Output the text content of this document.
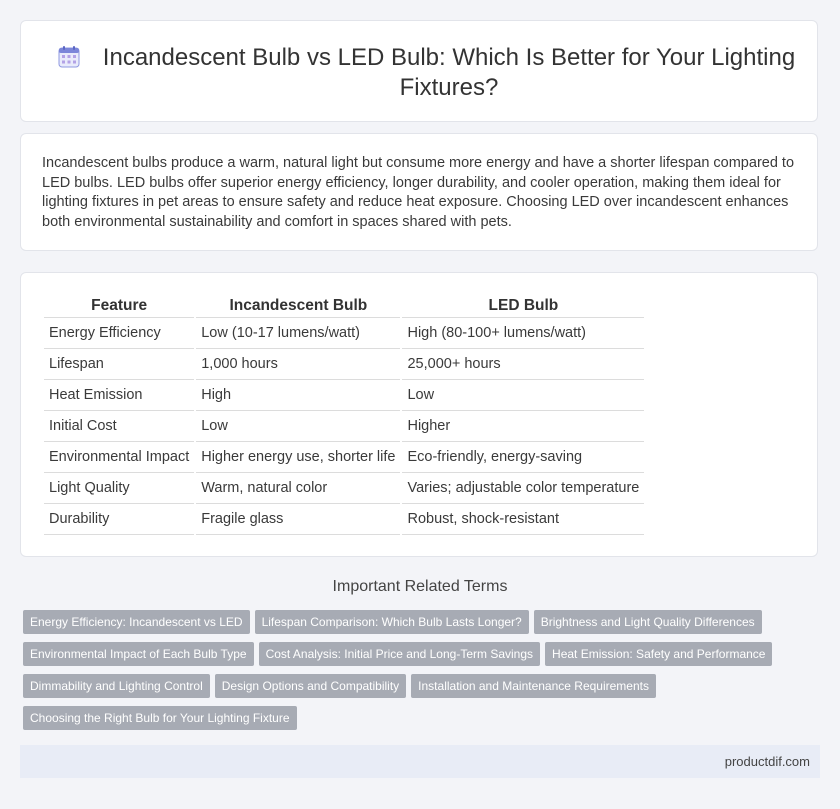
Incandescent Bulb vs LED Bulb: Which Is Better for Your Lighting Fixtures?
Incandescent bulbs produce a warm, natural light but consume more energy and have a shorter lifespan compared to LED bulbs. LED bulbs offer superior energy efficiency, longer durability, and cooler operation, making them ideal for lighting fixtures in pet areas to ensure safety and reduce heat exposure. Choosing LED over incandescent enhances both environmental sustainability and comfort in spaces shared with pets.
Feature	Incandescent Bulb	LED Bulb
Energy Efficiency	Low (10-17 lumens/watt)	High (80-100+ lumens/watt)
Lifespan	1,000 hours	25,000+ hours
Heat Emission	High	Low
Initial Cost	Low	Higher
Environmental Impact	Higher energy use, shorter life	Eco-friendly, energy-saving
Light Quality	Warm, natural color	Varies; adjustable color temperature
Durability	Fragile glass	Robust, shock-resistant
Important Related Terms
Energy Efficiency: Incandescent vs LED Lifespan Comparison: Which Bulb Lasts Longer? Brightness and Light Quality Differences
Environmental Impact of Each Bulb Type Cost Analysis: Initial Price and Long-Term Savings Heat Emission: Safety and Performance
Dimmability and Lighting Control Design Options and Compatibility Installation and Maintenance Requirements
Choosing the Right Bulb for Your Lighting Fixture
productdif.com
